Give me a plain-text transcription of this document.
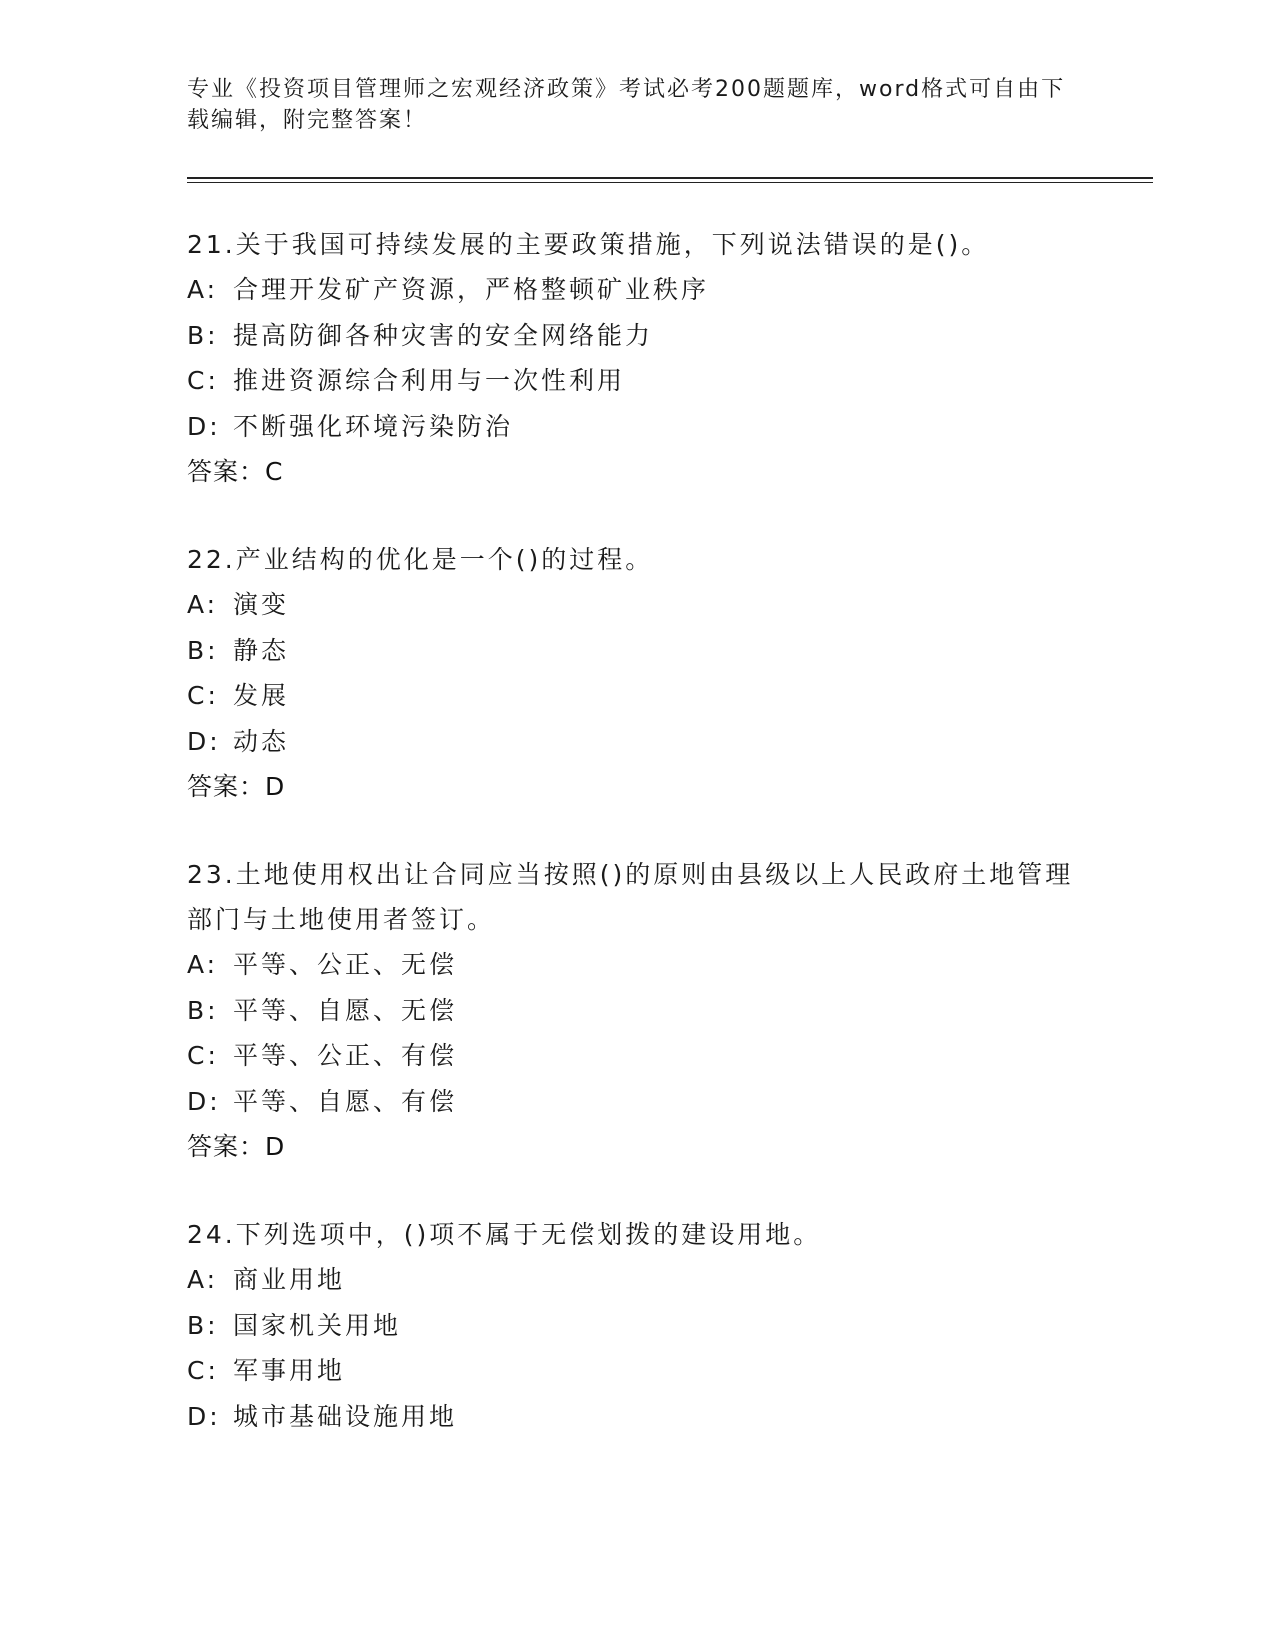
专业《投资项目管理师之宏观经济政策》考试必考200题题库，word格式可自由下载编辑，附完整答案！

21.关于我国可持续发展的主要政策措施，下列说法错误的是()。

A: 合理开发矿产资源，严格整顿矿业秩序

B: 提高防御各种灾害的安全网络能力

C: 推进资源综合利用与一次性利用

D: 不断强化环境污染防治

答案：C

22.产业结构的优化是一个()的过程。

A: 演变

B: 静态

C: 发展

D: 动态

答案：D

23.土地使用权出让合同应当按照()的原则由县级以上人民政府土地管理部门与土地使用者签订。

A: 平等、公正、无偿

B: 平等、自愿、无偿

C: 平等、公正、有偿

D: 平等、自愿、有偿

答案：D

24.下列选项中，()项不属于无偿划拨的建设用地。

A: 商业用地

B: 国家机关用地

C: 军事用地

D: 城市基础设施用地
